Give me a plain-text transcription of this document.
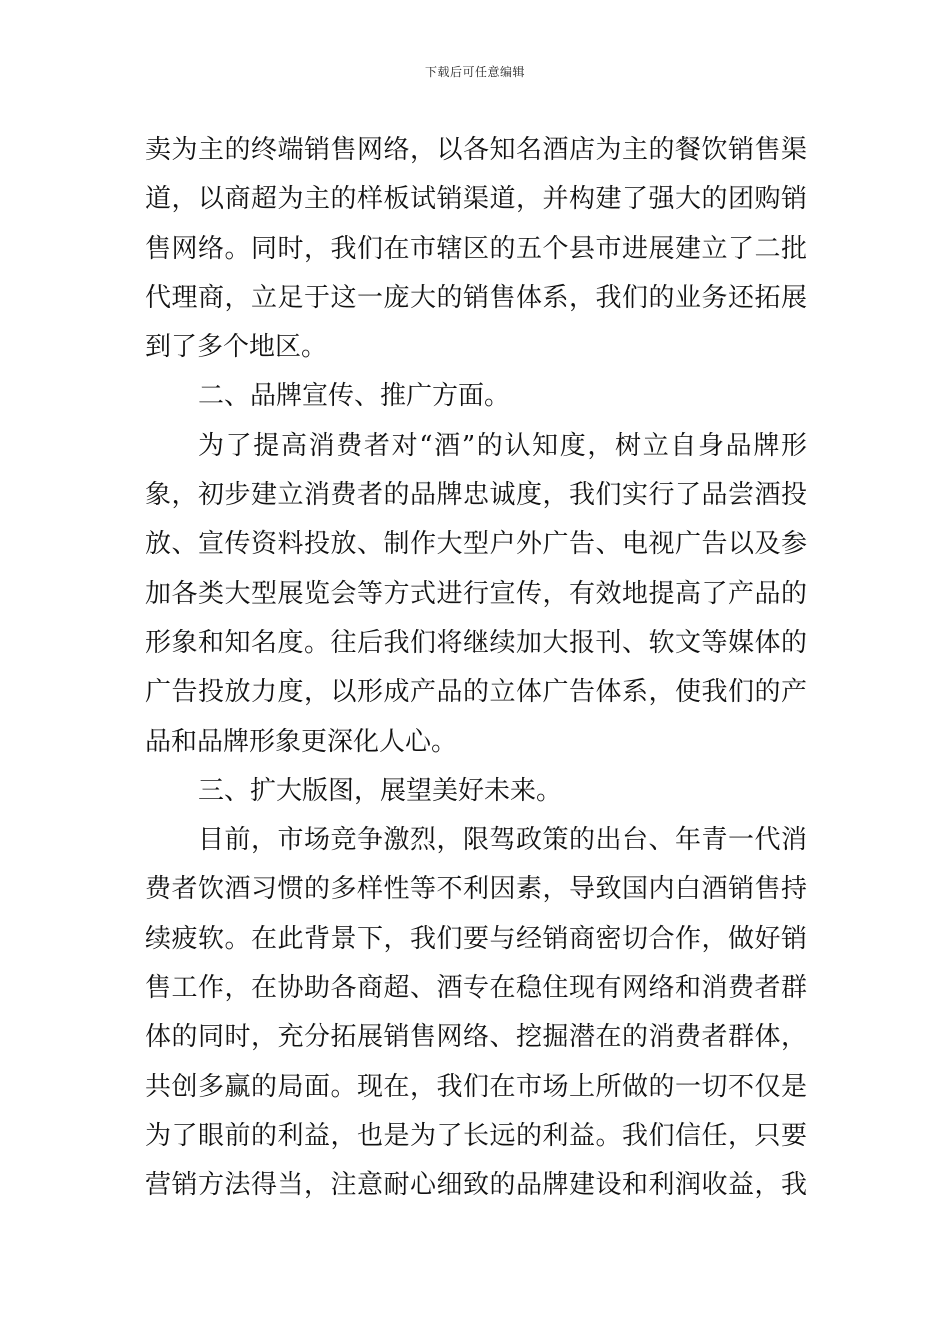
下载后可任意编辑
卖为主的终端销售网络，以各知名酒店为主的餐饮销售渠
道，以商超为主的样板试销渠道，并构建了强大的团购销
售网络。同时，我们在市辖区的五个县市进展建立了二批
代理商，立足于这一庞大的销售体系，我们的业务还拓展
到了多个地区。
二、品牌宣传、推广方面。
为了提高消费者对“酒”的认知度，树立自身品牌形
象，初步建立消费者的品牌忠诚度，我们实行了品尝酒投
放、宣传资料投放、制作大型户外广告、电视广告以及参
加各类大型展览会等方式进行宣传，有效地提高了产品的
形象和知名度。往后我们将继续加大报刊、软文等媒体的
广告投放力度，以形成产品的立体广告体系，使我们的产
品和品牌形象更深化人心。
三、扩大版图，展望美好未来。
目前，市场竞争激烈，限驾政策的出台、年青一代消
费者饮酒习惯的多样性等不利因素，导致国内白酒销售持
续疲软。在此背景下，我们要与经销商密切合作，做好销
售工作，在协助各商超、酒专在稳住现有网络和消费者群
体的同时，充分拓展销售网络、挖掘潜在的消费者群体，
共创多赢的局面。现在，我们在市场上所做的一切不仅是
为了眼前的利益，也是为了长远的利益。我们信任，只要
营销方法得当，注意耐心细致的品牌建设和利润收益，我
